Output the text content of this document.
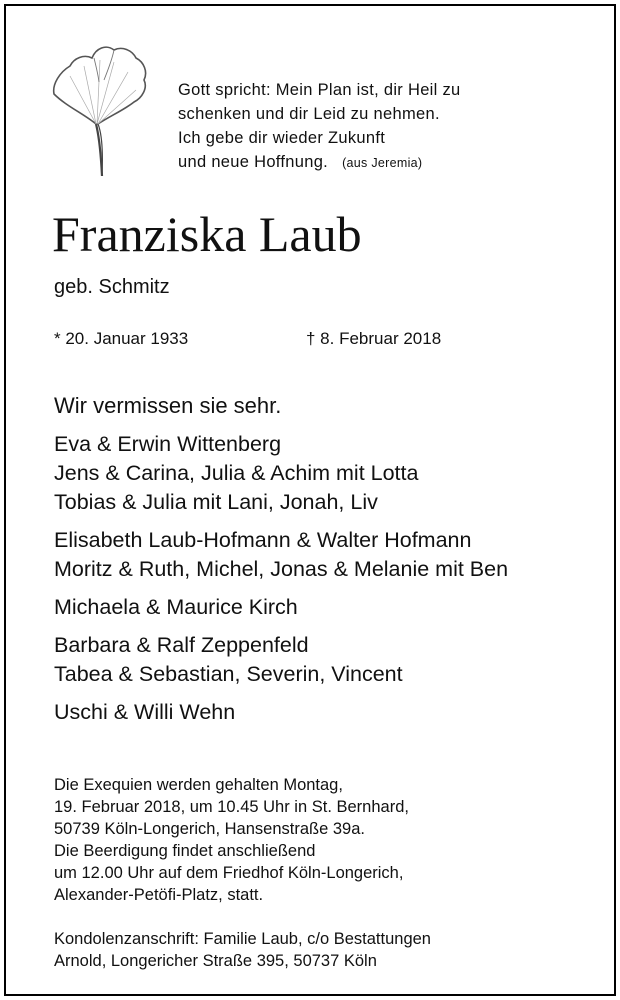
Gott spricht: Mein Plan ist, dir Heil zu
schenken und dir Leid zu nehmen.
Ich gebe dir wieder Zukunft
und neue Hoffnung. (aus Jeremia)
Franziska Laub
geb. Schmitz
* 20. Januar 1933	† 8. Februar 2018
Wir vermissen sie sehr.
Eva & Erwin Wittenberg
Jens & Carina, Julia & Achim mit Lotta
Tobias & Julia mit Lani, Jonah, Liv
Elisabeth Laub-Hofmann & Walter Hofmann
Moritz & Ruth, Michel, Jonas & Melanie mit Ben
Michaela & Maurice Kirch
Barbara & Ralf Zeppenfeld
Tabea & Sebastian, Severin, Vincent
Uschi & Willi Wehn
Die Exequien werden gehalten Montag,
19. Februar 2018, um 10.45 Uhr in St. Bernhard,
50739 Köln-Longerich, Hansenstraße 39a.
Die Beerdigung findet anschließend
um 12.00 Uhr auf dem Friedhof Köln-Longerich,
Alexander-Petöfi-Platz, statt.
Kondolenzanschrift: Familie Laub, c/o Bestattungen
Arnold, Longericher Straße 395, 50737 Köln
